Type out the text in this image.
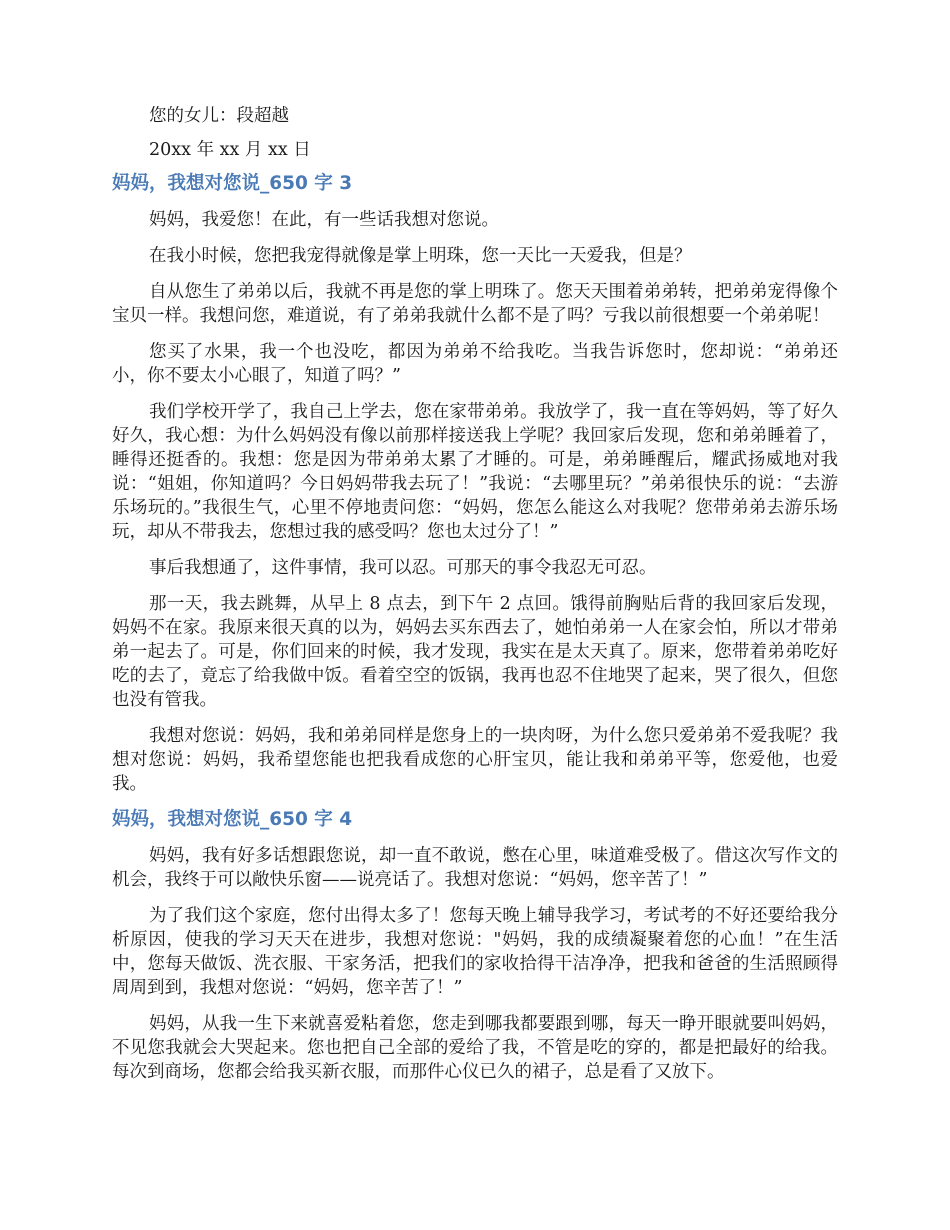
您的女儿：段超越

20xx 年 xx 月 xx 日

妈妈，我想对您说_650 字 3

妈妈，我爱您！在此，有一些话我想对您说。

在我小时候，您把我宠得就像是掌上明珠，您一天比一天爱我，但是？

自从您生了弟弟以后，我就不再是您的掌上明珠了。您天天围着弟弟转，把弟弟宠得像个宝贝一样。我想问您，难道说，有了弟弟我就什么都不是了吗？亏我以前很想要一个弟弟呢！

您买了水果，我一个也没吃，都因为弟弟不给我吃。当我告诉您时，您却说：“弟弟还小，你不要太小心眼了，知道了吗？”

我们学校开学了，我自己上学去，您在家带弟弟。我放学了，我一直在等妈妈，等了好久好久，我心想：为什么妈妈没有像以前那样接送我上学呢？我回家后发现，您和弟弟睡着了，睡得还挺香的。我想：您是因为带弟弟太累了才睡的。可是，弟弟睡醒后，耀武扬威地对我说：“姐姐，你知道吗？今日妈妈带我去玩了！”我说：“去哪里玩？”弟弟很快乐的说：“去游乐场玩的。”我很生气，心里不停地责问您：“妈妈，您怎么能这么对我呢？您带弟弟去游乐场玩，却从不带我去，您想过我的感受吗？您也太过分了！”

事后我想通了，这件事情，我可以忍。可那天的事令我忍无可忍。

那一天，我去跳舞，从早上 8 点去，到下午 2 点回。饿得前胸贴后背的我回家后发现，妈妈不在家。我原来很天真的以为，妈妈去买东西去了，她怕弟弟一人在家会怕，所以才带弟弟一起去了。可是，你们回来的时候，我才发现，我实在是太天真了。原来，您带着弟弟吃好吃的去了，竟忘了给我做中饭。看着空空的饭锅，我再也忍不住地哭了起来，哭了很久，但您也没有管我。

我想对您说：妈妈，我和弟弟同样是您身上的一块肉呀，为什么您只爱弟弟不爱我呢？我想对您说：妈妈，我希望您能也把我看成您的心肝宝贝，能让我和弟弟平等，您爱他，也爱我。

妈妈，我想对您说_650 字 4

妈妈，我有好多话想跟您说，却一直不敢说，憋在心里，味道难受极了。借这次写作文的机会，我终于可以敞快乐窗——说亮话了。我想对您说：“妈妈，您辛苦了！”

为了我们这个家庭，您付出得太多了！您每天晚上辅导我学习，考试考的不好还要给我分析原因，使我的学习天天在进步，我想对您说："妈妈，我的成绩凝聚着您的心血！”在生活中，您每天做饭、洗衣服、干家务活，把我们的家收拾得干洁净净，把我和爸爸的生活照顾得周周到到，我想对您说：“妈妈，您辛苦了！”

妈妈，从我一生下来就喜爱粘着您，您走到哪我都要跟到哪，每天一睁开眼就要叫妈妈，不见您我就会大哭起来。您也把自己全部的爱给了我，不管是吃的穿的，都是把最好的给我。每次到商场，您都会给我买新衣服，而那件心仪已久的裙子，总是看了又放下。
